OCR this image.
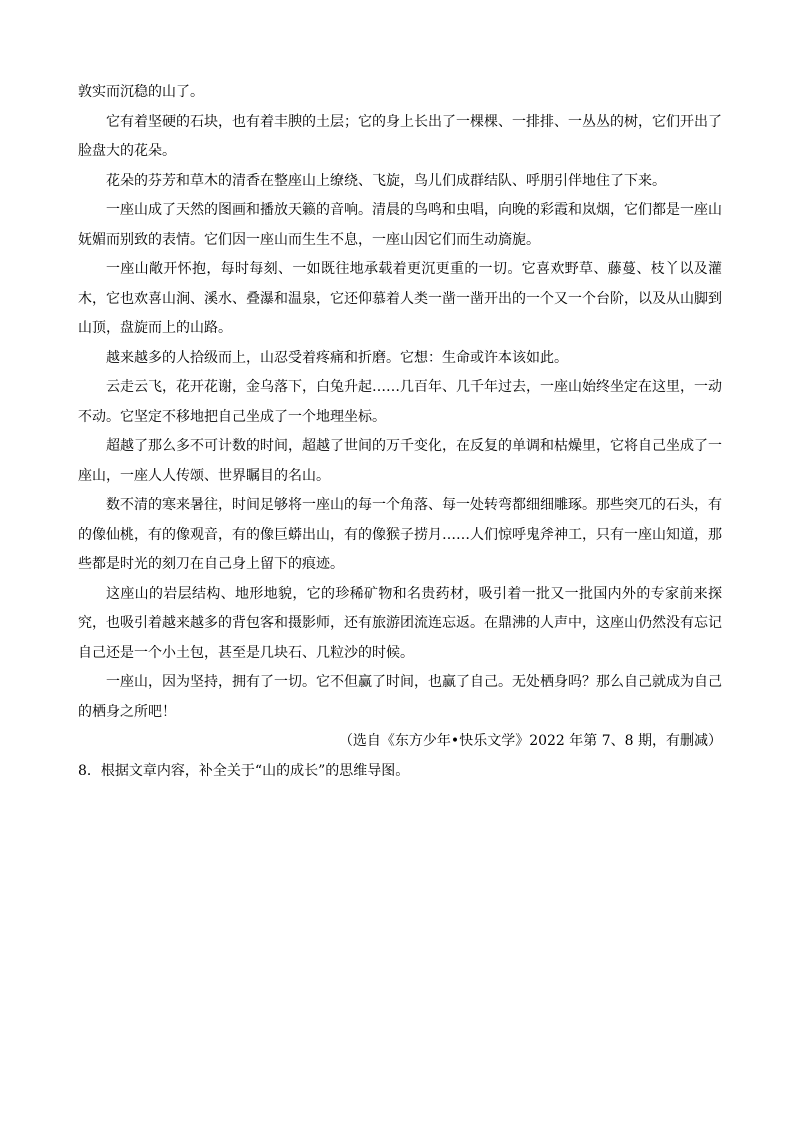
敦实而沉稳的山了。

它有着坚硬的石块，也有着丰腴的土层；它的身上长出了一棵棵、一排排、一丛丛的树，它们开出了脸盘大的花朵。

花朵的芬芳和草木的清香在整座山上缭绕、飞旋，鸟儿们成群结队、呼朋引伴地住了下来。

一座山成了天然的图画和播放天籁的音响。清晨的鸟鸣和虫唱，向晚的彩霞和岚烟，它们都是一座山妩媚而别致的表情。它们因一座山而生生不息，一座山因它们而生动旖旎。

一座山敞开怀抱，每时每刻、一如既往地承载着更沉更重的一切。它喜欢野草、藤蔓、枝丫以及灌木，它也欢喜山涧、溪水、叠瀑和温泉，它还仰慕着人类一凿一凿开出的一个又一个台阶，以及从山脚到山顶，盘旋而上的山路。

越来越多的人拾级而上，山忍受着疼痛和折磨。它想：生命或许本该如此。

云走云飞，花开花谢，金乌落下，白兔升起……几百年、几千年过去，一座山始终坐定在这里，一动不动。它坚定不移地把自己坐成了一个地理坐标。

超越了那么多不可计数的时间，超越了世间的万千变化，在反复的单调和枯燥里，它将自己坐成了一座山，一座人人传颂、世界瞩目的名山。

数不清的寒来暑往，时间足够将一座山的每一个角落、每一处转弯都细细雕琢。那些突兀的石头，有的像仙桃，有的像观音，有的像巨蟒出山，有的像猴子捞月……人们惊呼鬼斧神工，只有一座山知道，那些都是时光的刻刀在自己身上留下的痕迹。

这座山的岩层结构、地形地貌，它的珍稀矿物和名贵药材，吸引着一批又一批国内外的专家前来探究，也吸引着越来越多的背包客和摄影师，还有旅游团流连忘返。在鼎沸的人声中，这座山仍然没有忘记自己还是一个小土包，甚至是几块石、几粒沙的时候。

一座山，因为坚持，拥有了一切。它不但赢了时间，也赢了自己。无处栖身吗？那么自己就成为自己的栖身之所吧！

（选自《东方少年•快乐文学》2022 年第 7、8 期，有删减）

8．根据文章内容，补全关于“山的成长”的思维导图。
